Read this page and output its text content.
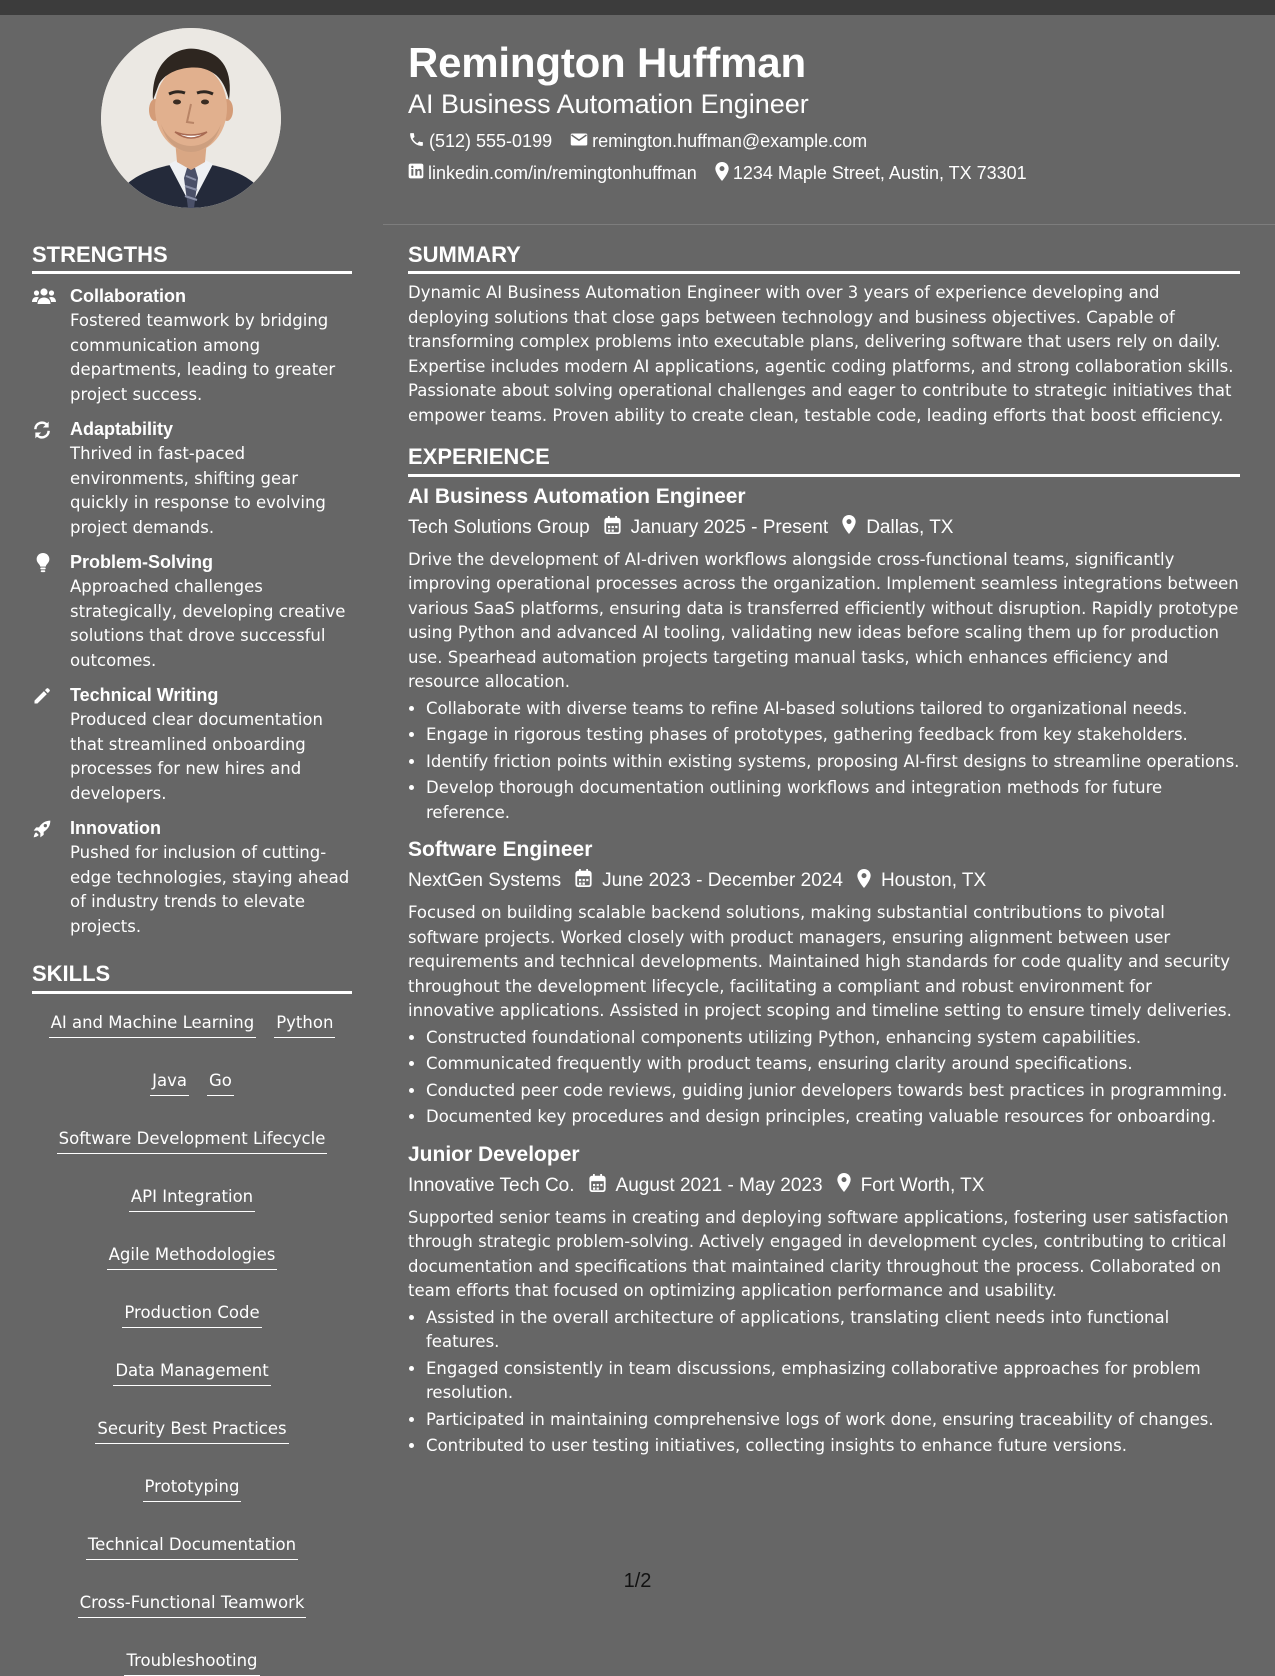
Remington Huffman
AI Business Automation Engineer
(512) 555-0199 remington.huffman@example.com
linkedin.com/in/remingtonhuffman 1234 Maple Street, Austin, TX 73301
STRENGTHS
Collaboration
Fostered teamwork by bridging communication among departments, leading to greater project success.
Adaptability
Thrived in fast-paced environments, shifting gear quickly in response to evolving project demands.
Problem-Solving
Approached challenges strategically, developing creative solutions that drove successful outcomes.
Technical Writing
Produced clear documentation that streamlined onboarding processes for new hires and developers.
Innovation
Pushed for inclusion of cutting-edge technologies, staying ahead of industry trends to elevate projects.
SKILLS
AI and Machine Learning Python
Java Go
Software Development Lifecycle
API Integration
Agile Methodologies
Production Code
Data Management
Security Best Practices
Prototyping
Technical Documentation
Cross-Functional Teamwork
Troubleshooting
SUMMARY
Dynamic AI Business Automation Engineer with over 3 years of experience developing and deploying solutions that close gaps between technology and business objectives. Capable of transforming complex problems into executable plans, delivering software that users rely on daily. Expertise includes modern AI applications, agentic coding platforms, and strong collaboration skills. Passionate about solving operational challenges and eager to contribute to strategic initiatives that empower teams. Proven ability to create clean, testable code, leading efforts that boost efficiency.
EXPERIENCE
AI Business Automation Engineer
Tech Solutions Group January 2025 - Present Dallas, TX
Drive the development of AI-driven workflows alongside cross-functional teams, significantly improving operational processes across the organization. Implement seamless integrations between various SaaS platforms, ensuring data is transferred efficiently without disruption. Rapidly prototype using Python and advanced AI tooling, validating new ideas before scaling them up for production use. Spearhead automation projects targeting manual tasks, which enhances efficiency and resource allocation.
• Collaborate with diverse teams to refine AI-based solutions tailored to organizational needs.
• Engage in rigorous testing phases of prototypes, gathering feedback from key stakeholders.
• Identify friction points within existing systems, proposing AI-first designs to streamline operations.
• Develop thorough documentation outlining workflows and integration methods for future reference.
Software Engineer
NextGen Systems June 2023 - December 2024 Houston, TX
Focused on building scalable backend solutions, making substantial contributions to pivotal software projects. Worked closely with product managers, ensuring alignment between user requirements and technical developments. Maintained high standards for code quality and security throughout the development lifecycle, facilitating a compliant and robust environment for innovative applications. Assisted in project scoping and timeline setting to ensure timely deliveries.
• Constructed foundational components utilizing Python, enhancing system capabilities.
• Communicated frequently with product teams, ensuring clarity around specifications.
• Conducted peer code reviews, guiding junior developers towards best practices in programming.
• Documented key procedures and design principles, creating valuable resources for onboarding.
Junior Developer
Innovative Tech Co. August 2021 - May 2023 Fort Worth, TX
Supported senior teams in creating and deploying software applications, fostering user satisfaction through strategic problem-solving. Actively engaged in development cycles, contributing to critical documentation and specifications that maintained clarity throughout the process. Collaborated on team efforts that focused on optimizing application performance and usability.
• Assisted in the overall architecture of applications, translating client needs into functional features.
• Engaged consistently in team discussions, emphasizing collaborative approaches for problem resolution.
• Participated in maintaining comprehensive logs of work done, ensuring traceability of changes.
• Contributed to user testing initiatives, collecting insights to enhance future versions.
1/2
